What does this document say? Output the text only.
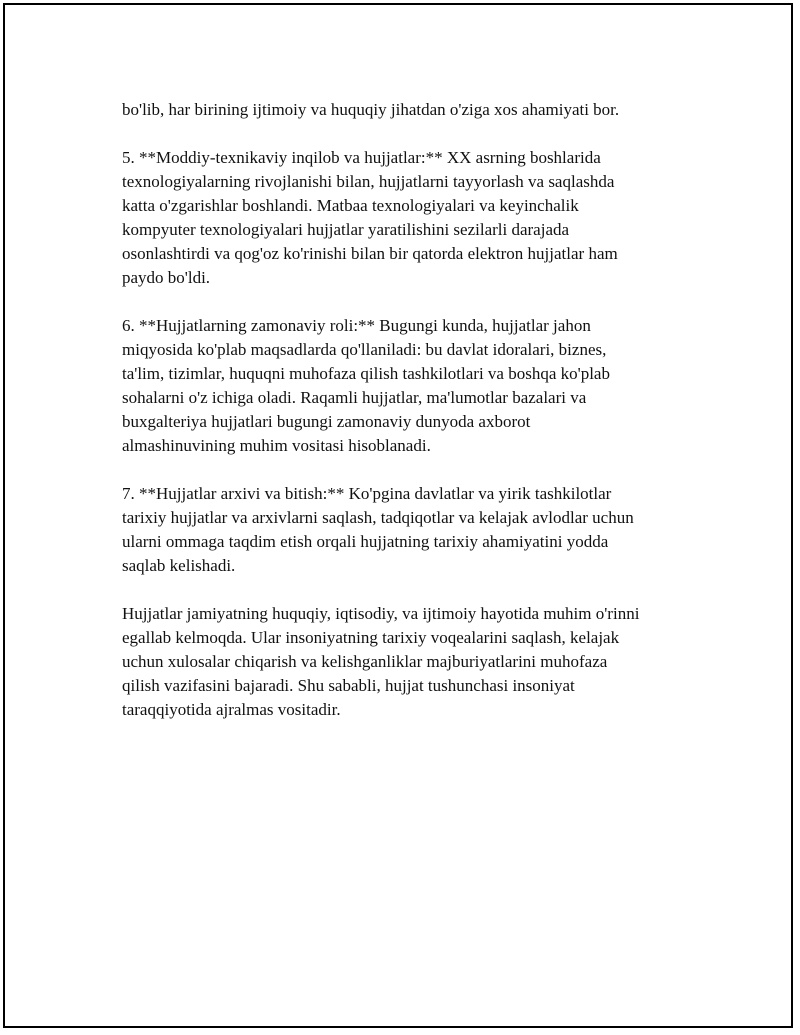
bo'lib, har birining ijtimoiy va huquqiy jihatdan o'ziga xos ahamiyati bor.

5. **Moddiy-texnikaviy inqilob va hujjatlar:** XX asrning boshlarida
texnologiyalarning rivojlanishi bilan, hujjatlarni tayyorlash va saqlashda
katta o'zgarishlar boshlandi. Matbaa texnologiyalari va keyinchalik
kompyuter texnologiyalari hujjatlar yaratilishini sezilarli darajada
osonlashtirdi va qog'oz ko'rinishi bilan bir qatorda elektron hujjatlar ham
paydo bo'ldi.

6. **Hujjatlarning zamonaviy roli:** Bugungi kunda, hujjatlar jahon
miqyosida ko'plab maqsadlarda qo'llaniladi: bu davlat idoralari, biznes,
ta'lim, tizimlar, huquqni muhofaza qilish tashkilotlari va boshqa ko'plab
sohalarni o'z ichiga oladi. Raqamli hujjatlar, ma'lumotlar bazalari va
buxgalteriya hujjatlari bugungi zamonaviy dunyoda axborot
almashinuvining muhim vositasi hisoblanadi.

7. **Hujjatlar arxivi va bitish:** Ko'pgina davlatlar va yirik tashkilotlar
tarixiy hujjatlar va arxivlarni saqlash, tadqiqotlar va kelajak avlodlar uchun
ularni ommaga taqdim etish orqali hujjatning tarixiy ahamiyatini yodda
saqlab kelishadi.

Hujjatlar jamiyatning huquqiy, iqtisodiy, va ijtimoiy hayotida muhim o'rinni
egallab kelmoqda. Ular insoniyatning tarixiy voqealarini saqlash, kelajak
uchun xulosalar chiqarish va kelishganliklar majburiyatlarini muhofaza
qilish vazifasini bajaradi. Shu sababli, hujjat tushunchasi insoniyat
taraqqiyotida ajralmas vositadir.
